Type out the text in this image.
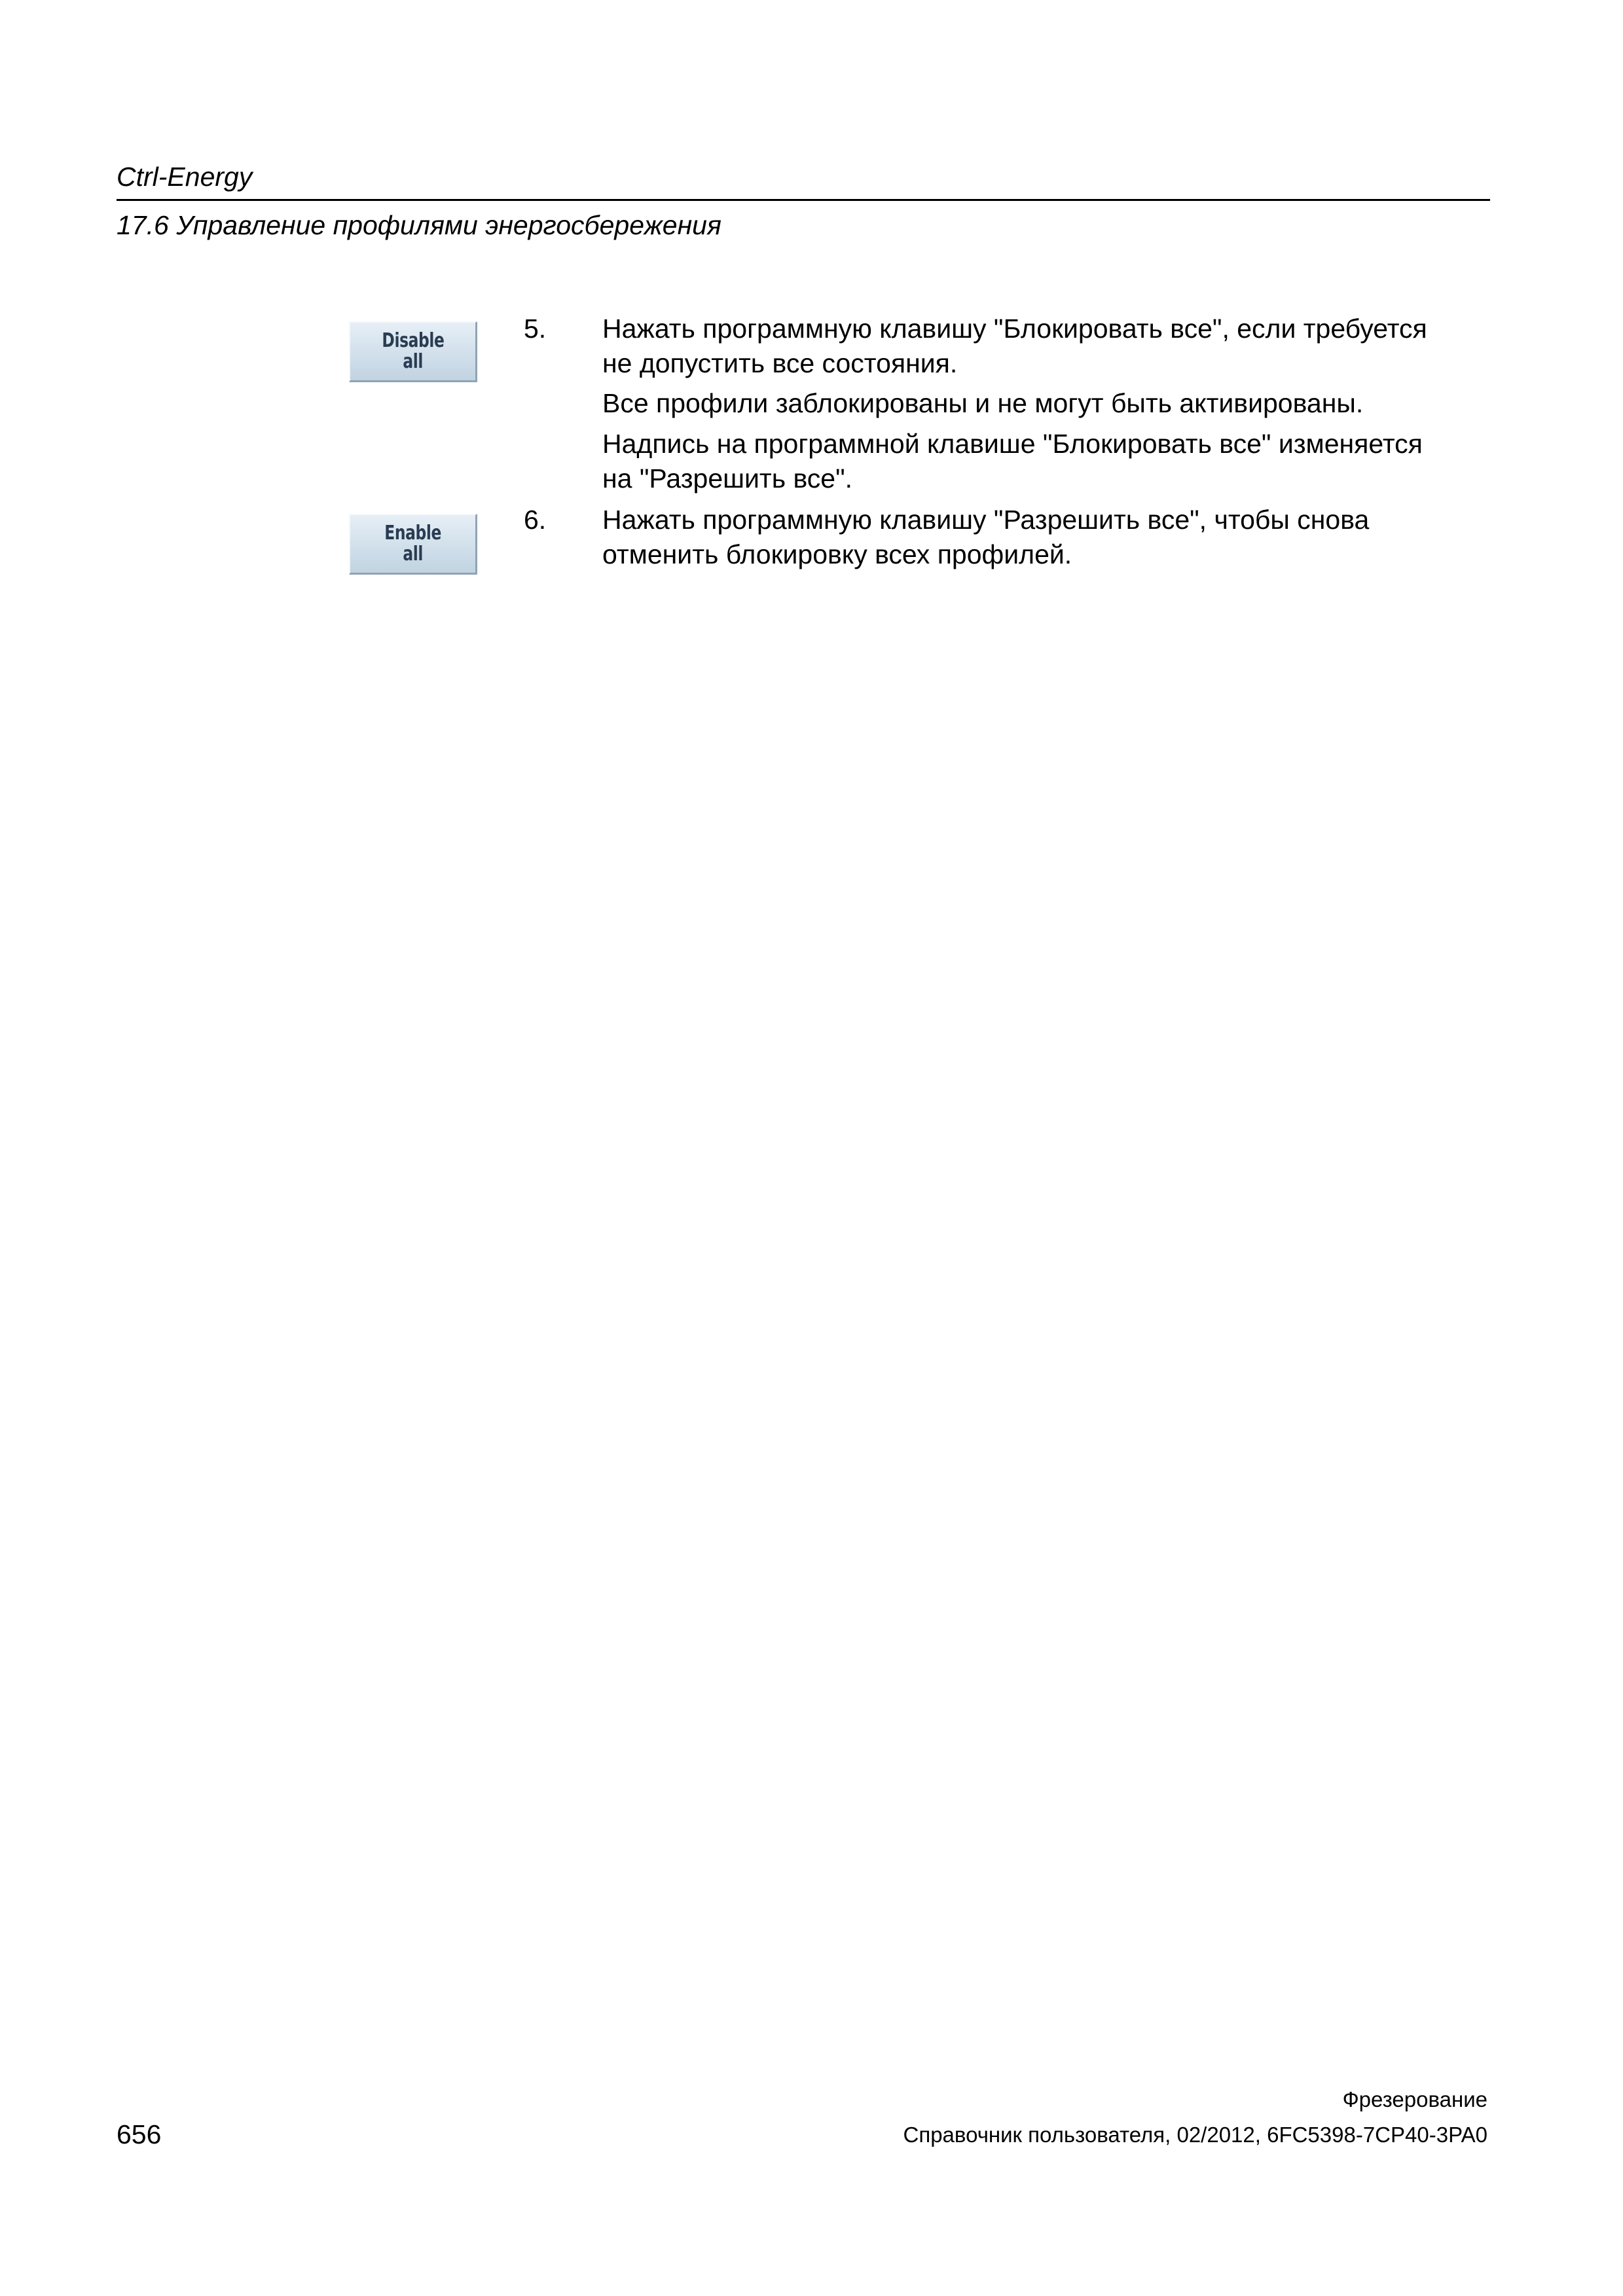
Ctrl-Energy
17.6 Управление профилями энергосбережения
Disable
all
5. Нажать программную клавишу "Блокировать все", если требуется
не допустить все состояния.
Все профили заблокированы и не могут быть активированы.
Надпись на программной клавише "Блокировать все" изменяется
на "Разрешить все".
Enable
all
6. Нажать программную клавишу "Разрешить все", чтобы снова
отменить блокировку всех профилей.
Фрезерование
656	Справочник пользователя, 02/2012, 6FC5398-7CP40-3PA0
